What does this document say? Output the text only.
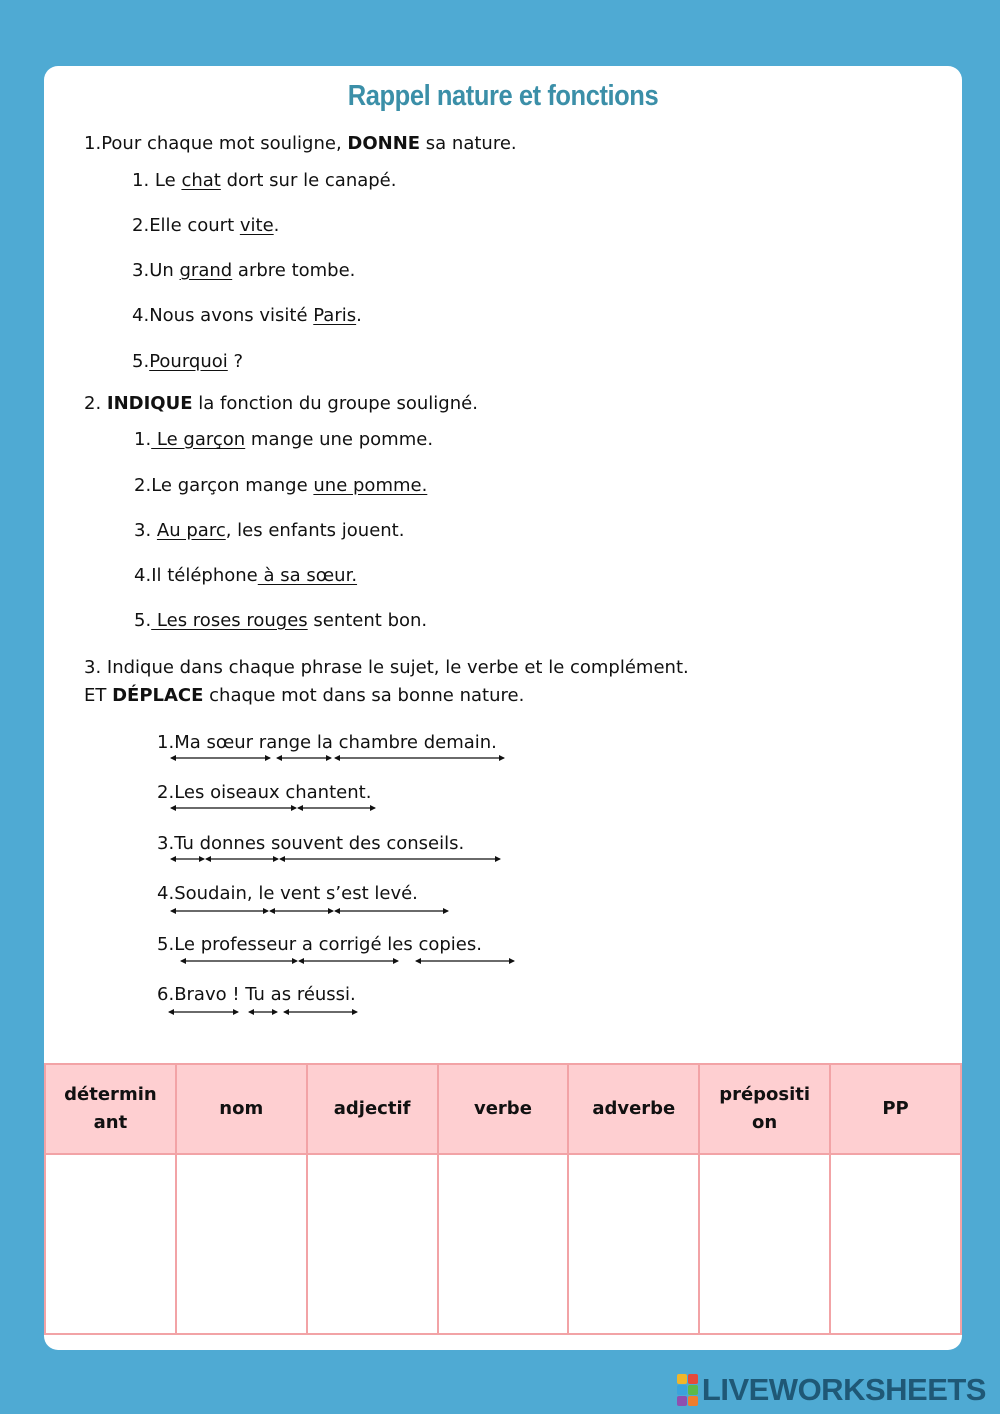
Rappel nature et fonctions
1.Pour chaque mot souligne, DONNE sa nature.
1. Le chat dort sur le canapé.
2.Elle court vite.
3.Un grand arbre tombe.
4.Nous avons visité Paris.
5.Pourquoi ?
2. INDIQUE la fonction du groupe souligné.
1. Le garçon mange une pomme.
2.Le garçon mange une pomme.
3. Au parc, les enfants jouent.
4.Il téléphone à sa sœur.
5. Les roses rouges sentent bon.
3. Indique dans chaque phrase le sujet, le verbe et le complément.
ET DÉPLACE chaque mot dans sa bonne nature.
1.Ma sœur range la chambre demain.
2.Les oiseaux chantent.
3.Tu donnes souvent des conseils.
4.Soudain, le vent s’est levé.
5.Le professeur a corrigé les copies.
6.Bravo ! Tu as réussi.
détermin ant	nom	adjectif	verbe	adverbe	prépositi on	PP

LIVEWORKSHEETS
